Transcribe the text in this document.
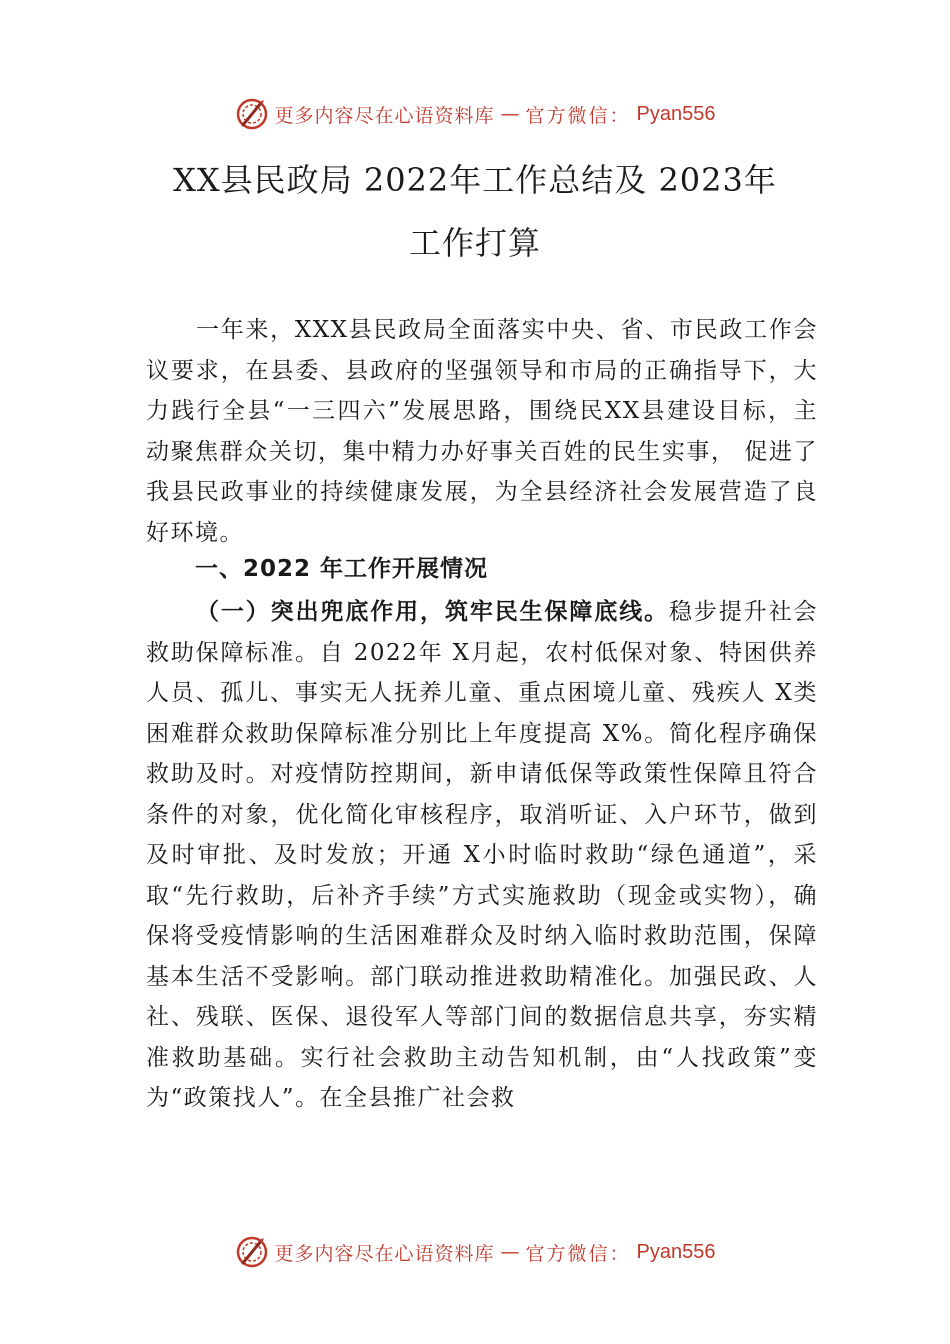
更多内容尽在心语资料库 — 官方微信： Pyan556
XX县民政局 2022年工作总结及 2023年
工作打算
一年来，XXX县民政局全面落实中央、省、市民政工作会议要求，在县委、县政府的坚强领导和市局的正确指导下，大力践行全县“一三四六”发展思路，围绕民XX县建设目标，主动聚焦群众关切，集中精力办好事关百姓的民生实事， 促进了我县民政事业的持续健康发展，为全县经济社会发展营造了良好环境。
一、2022 年工作开展情况
（一）突出兜底作用，筑牢民生保障底线。稳步提升社会救助保障标准。自 2022年 X月起，农村低保对象、特困供养人员、孤儿、事实无人抚养儿童、重点困境儿童、残疾人 X类困难群众救助保障标准分别比上年度提高 X%。简化程序确保救助及时。对疫情防控期间，新申请低保等政策性保障且符合条件的对象，优化简化审核程序，取消听证、入户环节，做到及时审批、及时发放；开通 X小时临时救助“绿色通道”，采取“先行救助，后补齐手续”方式实施救助（现金或实物），确保将受疫情影响的生活困难群众及时纳入临时救助范围，保障基本生活不受影响。部门联动推进救助精准化。加强民政、人社、残联、医保、退役军人等部门间的数据信息共享，夯实精准救助基础。实行社会救助主动告知机制，由“人找政策”变为“政策找人”。在全县推广社会救
更多内容尽在心语资料库 — 官方微信： Pyan556
